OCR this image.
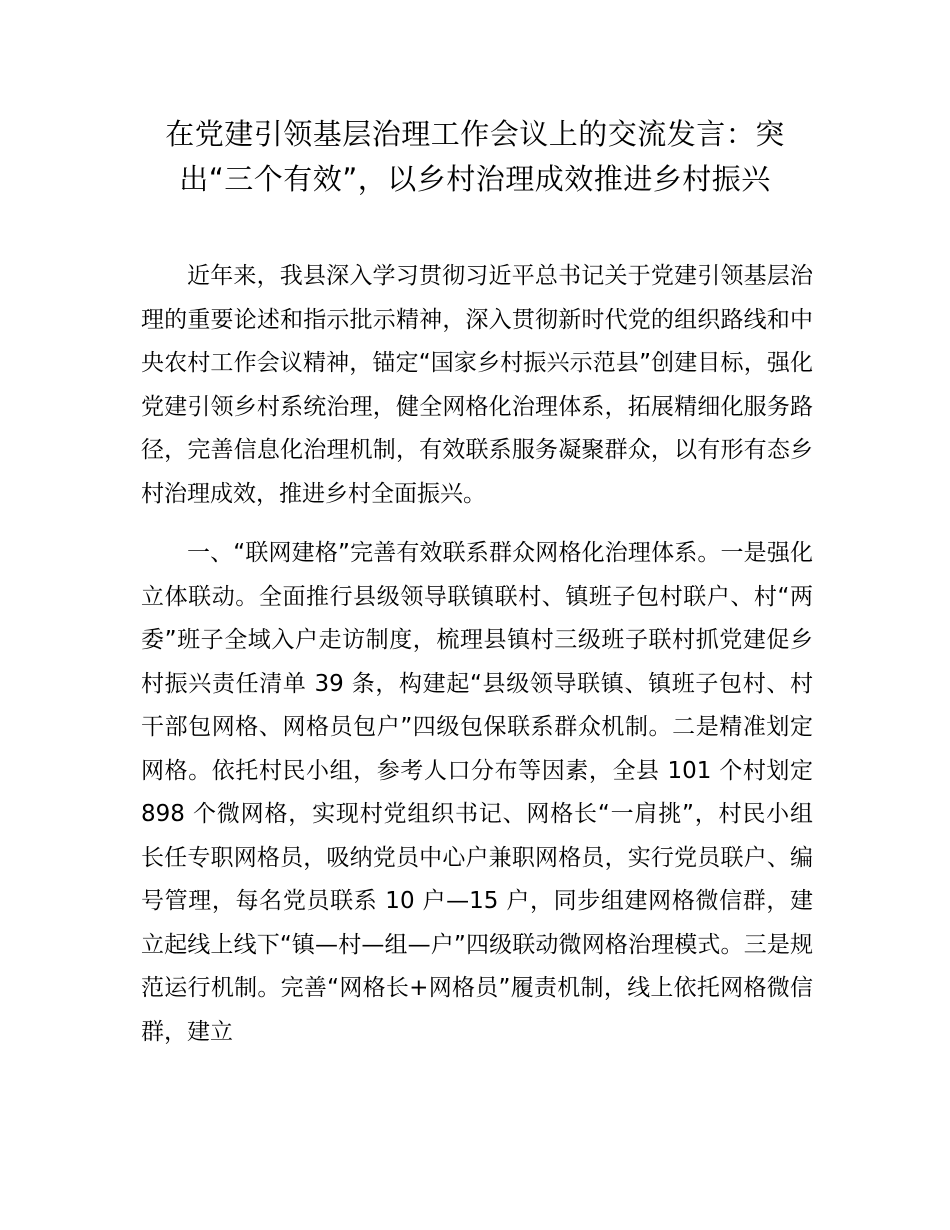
在党建引领基层治理工作会议上的交流发言：突出“三个有效”，以乡村治理成效推进乡村振兴

近年来，我县深入学习贯彻习近平总书记关于党建引领基层治理的重要论述和指示批示精神，深入贯彻新时代党的组织路线和中央农村工作会议精神，锚定“国家乡村振兴示范县”创建目标，强化党建引领乡村系统治理，健全网格化治理体系，拓展精细化服务路径，完善信息化治理机制，有效联系服务凝聚群众，以有形有态乡村治理成效，推进乡村全面振兴。

一、“联网建格”完善有效联系群众网格化治理体系。一是强化立体联动。全面推行县级领导联镇联村、镇班子包村联户、村“两委”班子全域入户走访制度，梳理县镇村三级班子联村抓党建促乡村振兴责任清单 39 条，构建起“县级领导联镇、镇班子包村、村干部包网格、网格员包户”四级包保联系群众机制。二是精准划定网格。依托村民小组，参考人口分布等因素，全县 101 个村划定 898 个微网格，实现村党组织书记、网格长“一肩挑”，村民小组长任专职网格员，吸纳党员中心户兼职网格员，实行党员联户、编号管理，每名党员联系 10 户—15 户，同步组建网格微信群，建立起线上线下“镇—村—组—户”四级联动微网格治理模式。三是规范运行机制。完善“网格长+网格员”履责机制，线上依托网格微信群，建立
